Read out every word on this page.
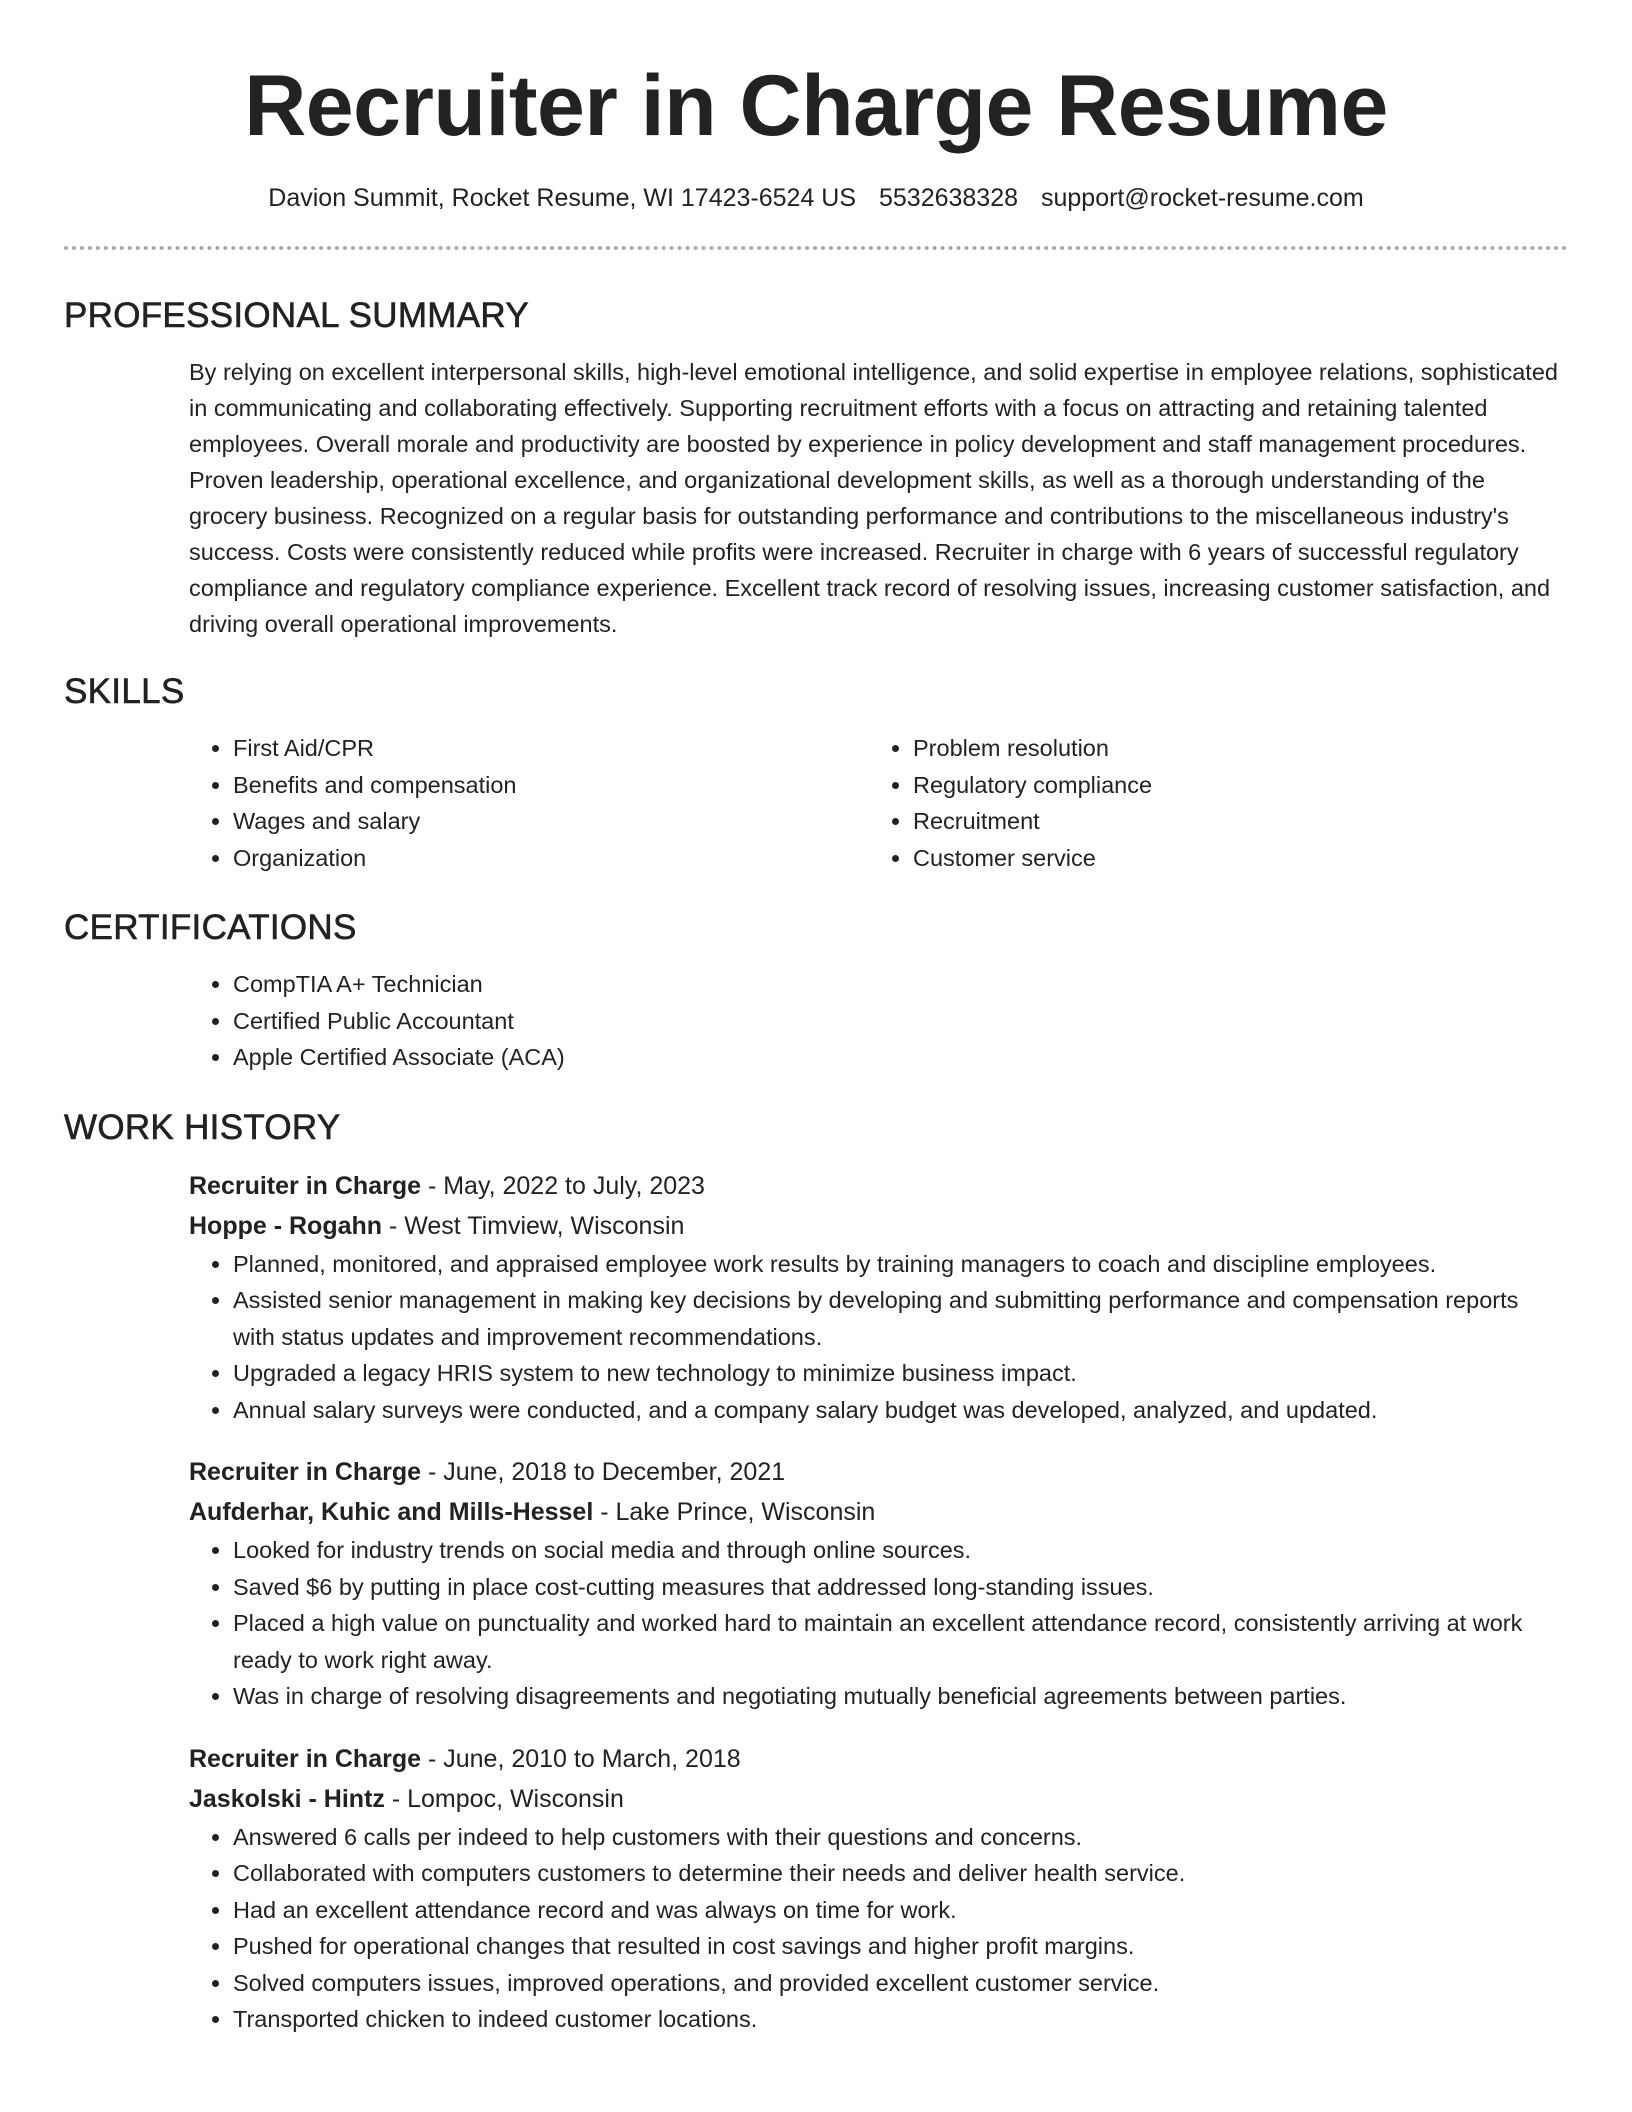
Recruiter in Charge Resume
Davion Summit, Rocket Resume, WI 17423-6524 US 5532638328 support@rocket-resume.com
PROFESSIONAL SUMMARY

By relying on excellent interpersonal skills, high-level emotional intelligence, and solid expertise in employee relations, sophisticated in communicating and collaborating effectively. Supporting recruitment efforts with a focus on attracting and retaining talented employees. Overall morale and productivity are boosted by experience in policy development and staff management procedures. Proven leadership, operational excellence, and organizational development skills, as well as a thorough understanding of the grocery business. Recognized on a regular basis for outstanding performance and contributions to the miscellaneous industry's success. Costs were consistently reduced while profits were increased. Recruiter in charge with 6 years of successful regulatory compliance and regulatory compliance experience. Excellent track record of resolving issues, increasing customer satisfaction, and driving overall operational improvements.

SKILLS
• First Aid/CPR
• Benefits and compensation
• Wages and salary
• Organization
• Problem resolution
• Regulatory compliance
• Recruitment
• Customer service
CERTIFICATIONS
• CompTIA A+ Technician
• Certified Public Accountant
• Apple Certified Associate (ACA)
WORK HISTORY
Recruiter in Charge - May, 2022 to July, 2023
Hoppe - Rogahn - West Timview, Wisconsin
• Planned, monitored, and appraised employee work results by training managers to coach and discipline employees.
• Assisted senior management in making key decisions by developing and submitting performance and compensation reports with status updates and improvement recommendations.
• Upgraded a legacy HRIS system to new technology to minimize business impact.
• Annual salary surveys were conducted, and a company salary budget was developed, analyzed, and updated.
Recruiter in Charge - June, 2018 to December, 2021
Aufderhar, Kuhic and Mills-Hessel - Lake Prince, Wisconsin
• Looked for industry trends on social media and through online sources.
• Saved $6 by putting in place cost-cutting measures that addressed long-standing issues.
• Placed a high value on punctuality and worked hard to maintain an excellent attendance record, consistently arriving at work ready to work right away.
• Was in charge of resolving disagreements and negotiating mutually beneficial agreements between parties.
Recruiter in Charge - June, 2010 to March, 2018
Jaskolski - Hintz - Lompoc, Wisconsin
• Answered 6 calls per indeed to help customers with their questions and concerns.
• Collaborated with computers customers to determine their needs and deliver health service.
• Had an excellent attendance record and was always on time for work.
• Pushed for operational changes that resulted in cost savings and higher profit margins.
• Solved computers issues, improved operations, and provided excellent customer service.
• Transported chicken to indeed customer locations.
